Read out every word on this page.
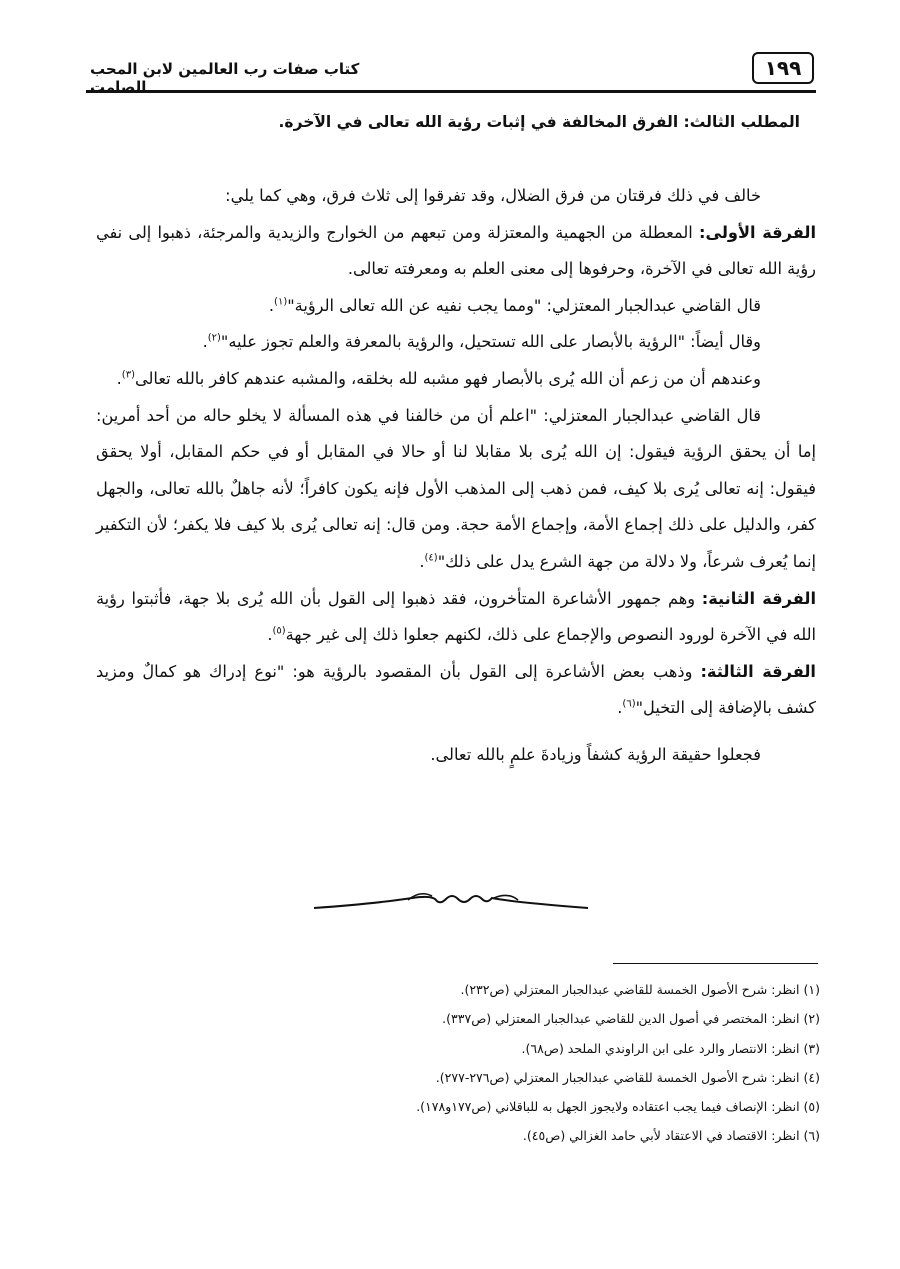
١٩٩
كتاب صفات رب العالمين لابن المحب الصامت
المطلب الثالث: الفرق المخالفة في إثبات رؤية الله تعالى في الآخرة.

خالف في ذلك فرقتان من فرق الضلال، وقد تفرقوا إلى ثلاث فرق، وهي كما يلي:

الفرقة الأولى: المعطلة من الجهمية والمعتزلة ومن تبعهم من الخوارج والزيدية والمرجئة، ذهبوا إلى نفي رؤية الله تعالى في الآخرة، وحرفوها إلى معنى العلم به ومعرفته تعالى.

قال القاضي عبدالجبار المعتزلي: "ومما يجب نفيه عن الله تعالى الرؤية"$^{(١)}$.

وقال أيضاً: "الرؤية بالأبصار على الله تستحيل، والرؤية بالمعرفة والعلم تجوز عليه"$^{(٢)}$.

وعندهم أن من زعم أن الله يُرى بالأبصار فهو مشبه لله بخلقه، والمشبه عندهم كافر بالله تعالى$^{(٣)}$.

قال القاضي عبدالجبار المعتزلي: "اعلم أن من خالفنا في هذه المسألة لا يخلو حاله من أحد أمرين: إما أن يحقق الرؤية فيقول: إن الله يُرى بلا مقابلا لنا أو حالا في المقابل أو في حكم المقابل، أولا يحقق فيقول: إنه تعالى يُرى بلا كيف، فمن ذهب إلى المذهب الأول فإنه يكون كافراً؛ لأنه جاهلٌ بالله تعالى، والجهل كفر، والدليل على ذلك إجماع الأمة، وإجماع الأمة حجة. ومن قال: إنه تعالى يُرى بلا كيف فلا يكفر؛ لأن التكفير إنما يُعرف شرعاً، ولا دلالة من جهة الشرع يدل على ذلك"$^{(٤)}$.

الفرقة الثانية: وهم جمهور الأشاعرة المتأخرون، فقد ذهبوا إلى القول بأن الله يُرى بلا جهة، فأثبتوا رؤية الله في الآخرة لورود النصوص والإجماع على ذلك، لكنهم جعلوا ذلك إلى غير جهة$^{(٥)}$.

الفرقة الثالثة: وذهب بعض الأشاعرة إلى القول بأن المقصود بالرؤية هو: "نوع إدراك هو كمالٌ ومزيد كشف بالإضافة إلى التخيل"$^{(٦)}$.

فجعلوا حقيقة الرؤية كشفاً وزيادةَ علمٍ بالله تعالى.

(١) انظر: شرح الأصول الخمسة للقاضي عبدالجبار المعتزلي (ص٢٣٢).
(٢) انظر: المختصر في أصول الدين للقاضي عبدالجبار المعتزلي (ص٣٣٧).
(٣) انظر: الانتصار والرد على ابن الراوندي الملحد (ص٦٨).
(٤) انظر: شرح الأصول الخمسة للقاضي عبدالجبار المعتزلي (ص٢٧٦-٢٧٧).
(٥) انظر: الإنصاف فيما يجب اعتقاده ولايجوز الجهل به للباقلاني (ص١٧٧و١٧٨).
(٦) انظر: الاقتصاد في الاعتقاد لأبي حامد الغزالي (ص٤٥).
